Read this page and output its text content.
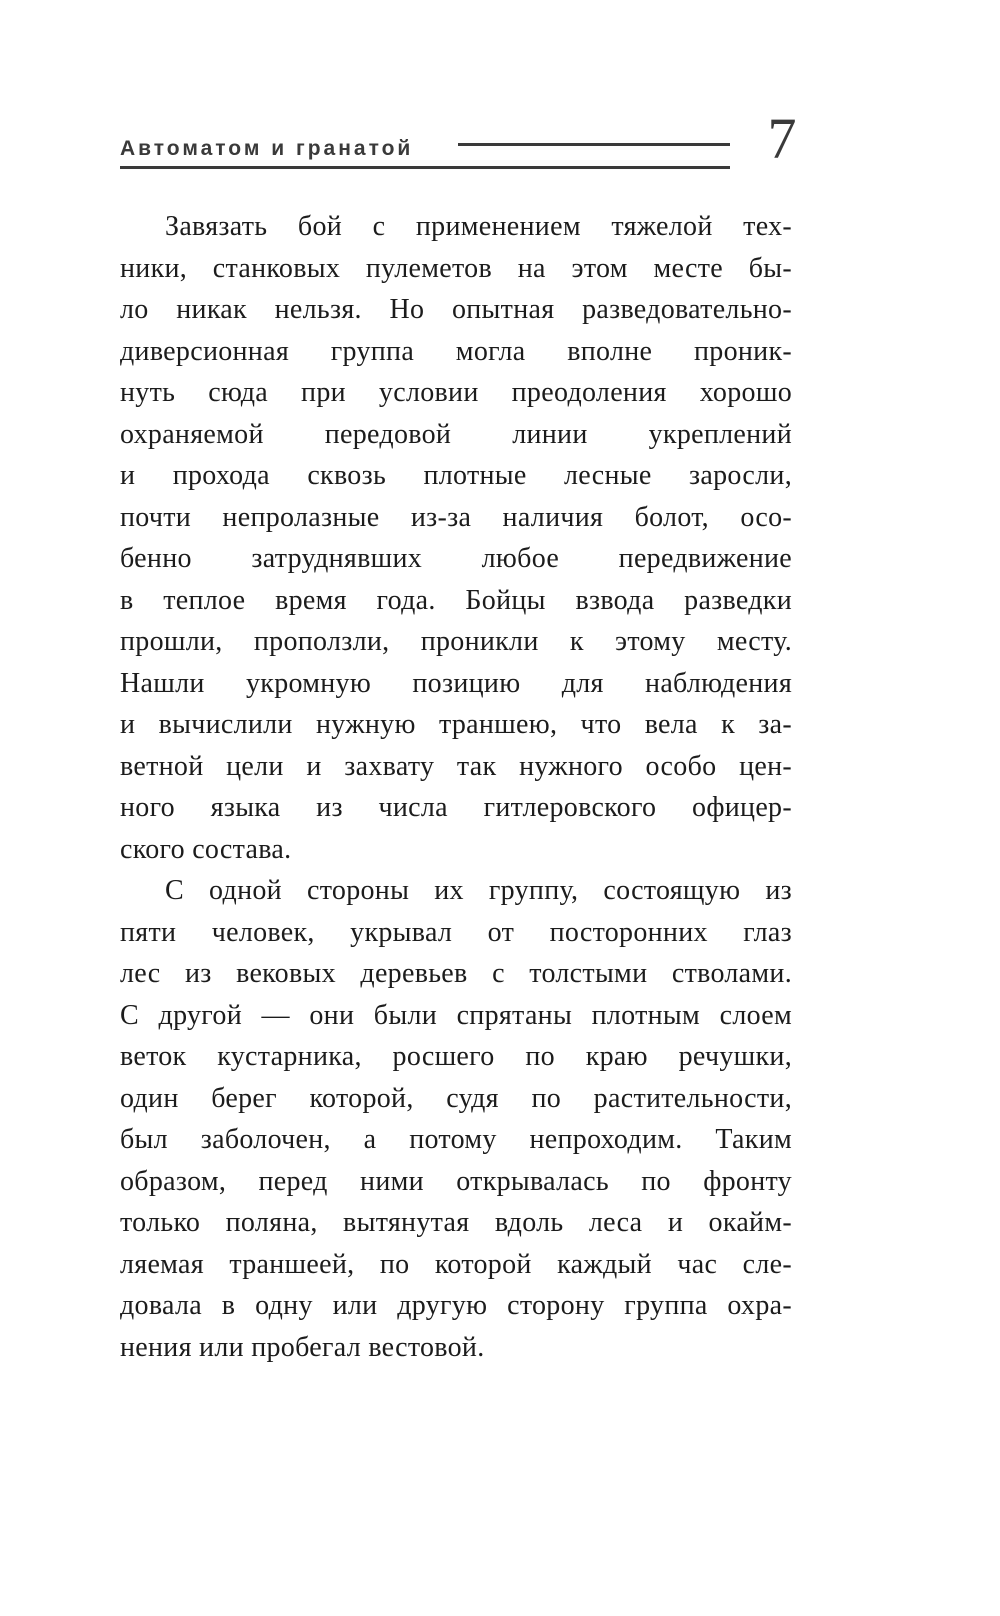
Автоматом и гранатой	7
Завязать бой с применением тяжелой тех-
ники, станковых пулеметов на этом месте бы-
ло никак нельзя. Но опытная разведовательно-
диверсионная группа могла вполне проник-
нуть сюда при условии преодоления хорошо
охраняемой передовой линии укреплений
и прохода сквозь плотные лесные заросли,
почти непролазные из-за наличия болот, осо-
бенно затруднявших любое передвижение
в теплое время года. Бойцы взвода разведки
прошли, проползли, проникли к этому месту.
Нашли укромную позицию для наблюдения
и вычислили нужную траншею, что вела к за-
ветной цели и захвату так нужного особо цен-
ного языка из числа гитлеровского офицер-
ского состава.
С одной стороны их группу, состоящую из
пяти человек, укрывал от посторонних глаз
лес из вековых деревьев с толстыми стволами.
С другой — они были спрятаны плотным слоем
веток кустарника, росшего по краю речушки,
один берег которой, судя по растительности,
был заболочен, а потому непроходим. Таким
образом, перед ними открывалась по фронту
только поляна, вытянутая вдоль леса и окайм-
ляемая траншеей, по которой каждый час сле-
довала в одну или другую сторону группа охра-
нения или пробегал вестовой.
